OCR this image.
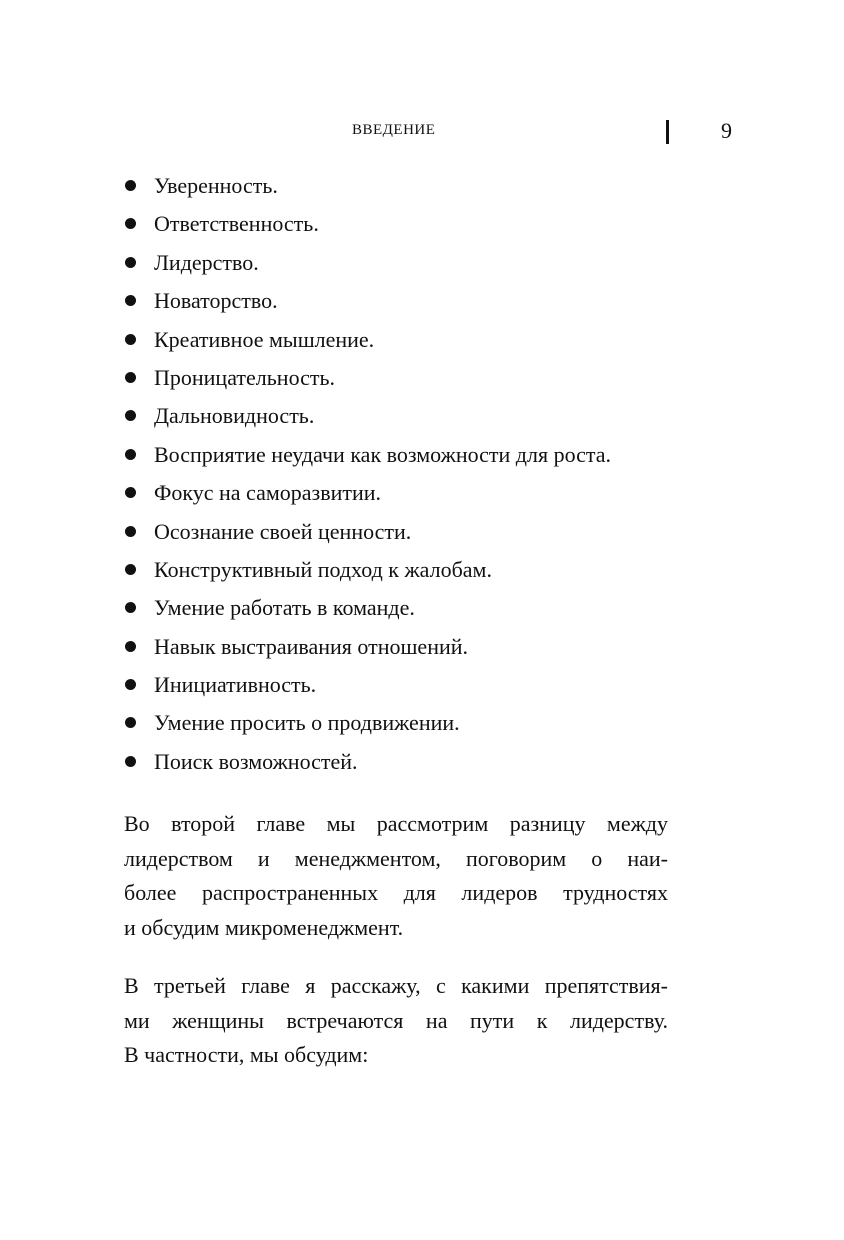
ВВЕДЕНИЕ	9
Уверенность.
Ответственность.
Лидерство.
Новаторство.
Креативное мышление.
Проницательность.
Дальновидность.
Восприятие неудачи как возможности для роста.
Фокус на саморазвитии.
Осознание своей ценности.
Конструктивный подход к жалобам.
Умение работать в команде.
Навык выстраивания отношений.
Инициативность.
Умение просить о продвижении.
Поиск возможностей.

Во второй главе мы рассмотрим разницу между
лидерством и менеджментом, поговорим о наи-
более распространенных для лидеров трудностях
и обсудим микроменеджмент.

В третьей главе я расскажу, с какими препятствия-
ми женщины встречаются на пути к лидерству.
В частности, мы обсудим:
